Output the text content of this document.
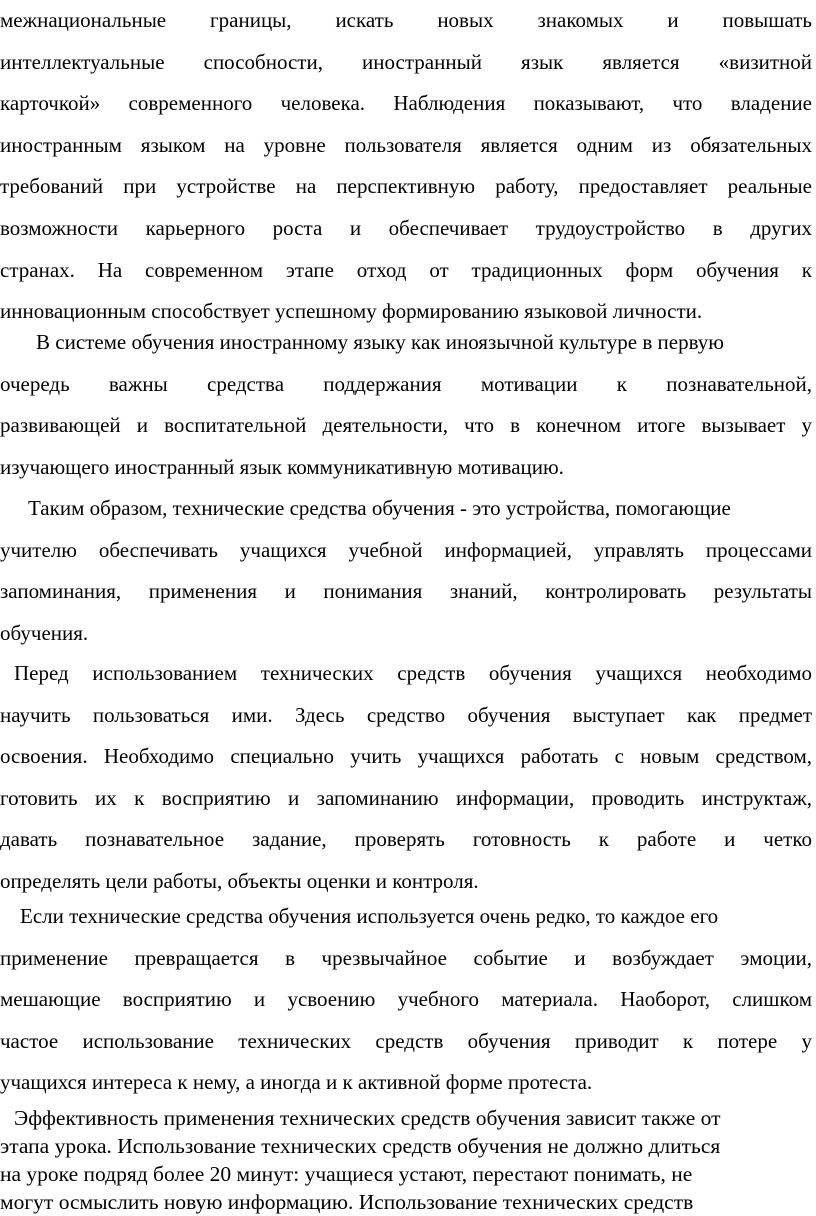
межнациональные границы, искать новых знакомых и повышать
интеллектуальные способности, иностранный язык является «визитной
карточкой» современного человека. Наблюдения показывают, что владение
иностранным языком на уровне пользователя является одним из обязательных
требований при устройстве на перспективную работу, предоставляет реальные
возможности карьерного роста и обеспечивает трудоустройство в других
странах. На современном этапе отход от традиционных форм обучения к
инновационным способствует успешному формированию языковой личности.
В системе обучения иностранному языку как иноязычной культуре в первую
очередь важны средства поддержания мотивации к познавательной,
развивающей и воспитательной деятельности, что в конечном итоге вызывает у
изучающего иностранный язык коммуникативную мотивацию.
Таким образом, технические средства обучения - это устройства, помогающие
учителю обеспечивать учащихся учебной информацией, управлять процессами
запоминания, применения и понимания знаний, контролировать результаты
обучения.
Перед использованием технических средств обучения учащихся необходимо
научить пользоваться ими. Здесь средство обучения выступает как предмет
освоения. Необходимо специально учить учащихся работать с новым средством,
готовить их к восприятию и запоминанию информации, проводить инструктаж,
давать познавательное задание, проверять готовность к работе и четко
определять цели работы, объекты оценки и контроля.
Если технические средства обучения используется очень редко, то каждое его
применение превращается в чрезвычайное событие и возбуждает эмоции,
мешающие восприятию и усвоению учебного материала. Наоборот, слишком
частое использование технических средств обучения приводит к потере у
учащихся интереса к нему, а иногда и к активной форме протеста.
Эффективность применения технических средств обучения зависит также от
этапа урока. Использование технических средств обучения не должно длиться
на уроке подряд более 20 минут: учащиеся устают, перестают понимать, не
могут осмыслить новую информацию. Использование технических средств
